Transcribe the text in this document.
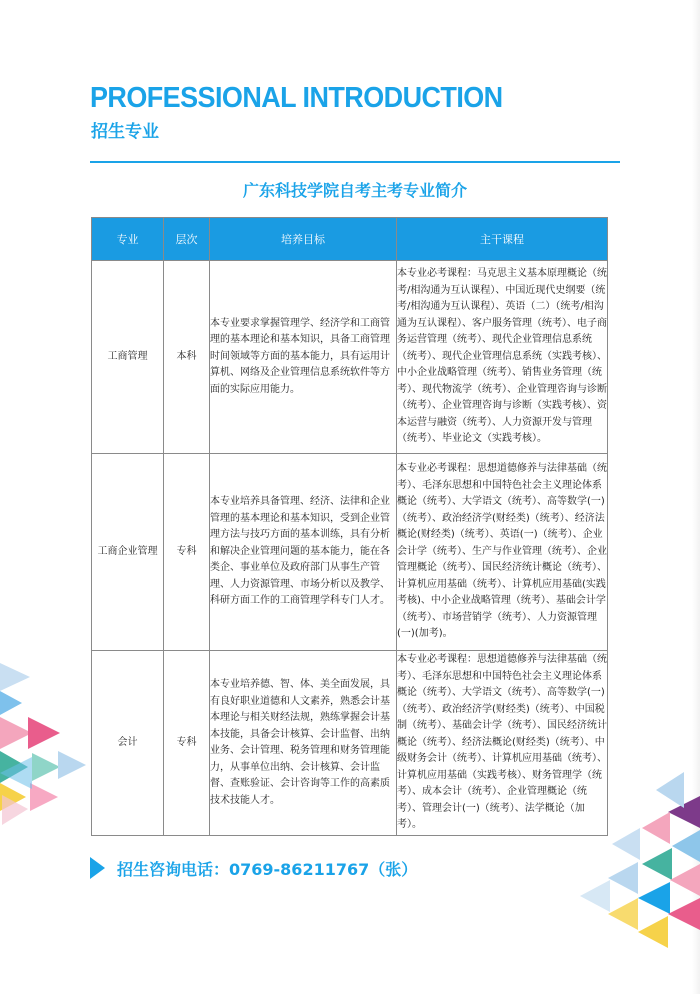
PROFESSIONAL INTRODUCTION
招生专业
广东科技学院自考主考专业简介
专业	层次	培养目标	主干课程
工商管理	本科	本专业要求掌握管理学、经济学和工商管理的基本理论和基本知识，具备工商管理时间领域等方面的基本能力，具有运用计算机、网络及企业管理信息系统软件等方面的实际应用能力。	本专业必考课程：马克思主义基本原理概论（统考/相沟通为互认课程）、中国近现代史纲要（统考/相沟通为互认课程）、英语（二）（统考/相沟通为互认课程）、客户服务管理（统考）、电子商务运营管理（统考）、现代企业管理信息系统（统考）、现代企业管理信息系统（实践考核）、中小企业战略管理（统考）、销售业务管理（统考）、现代物流学（统考）、企业管理咨询与诊断（统考）、企业管理咨询与诊断（实践考核）、资本运营与融资（统考）、人力资源开发与管理（统考）、毕业论文（实践考核）。
工商企业管理	专科	本专业培养具备管理、经济、法律和企业管理的基本理论和基本知识，受到企业管理方法与技巧方面的基本训练，具有分析和解决企业管理问题的基本能力，能在各类企、事业单位及政府部门从事生产管理、人力资源管理、市场分析以及教学、科研方面工作的工商管理学科专门人才。	本专业必考课程：思想道德修养与法律基础（统考）、毛泽东思想和中国特色社会主义理论体系概论（统考）、大学语文（统考）、高等数学(一)（统考）、政治经济学(财经类)（统考）、经济法概论(财经类)（统考）、英语(一)（统考）、企业会计学（统考）、生产与作业管理（统考）、企业管理概论（统考）、国民经济统计概论（统考）、计算机应用基础（统考）、计算机应用基础(实践考核)、中小企业战略管理（统考）、基础会计学（统考）、市场营销学（统考）、人力资源管理(一)(加考)。
会计	专科	本专业培养德、智、体、美全面发展，具有良好职业道德和人文素养，熟悉会计基本理论与相关财经法规，熟练掌握会计基本技能，具备会计核算、会计监督、出纳业务、会计管理、税务管理和财务管理能力，从事单位出纳、会计核算、会计监督、查账验证、会计咨询等工作的高素质技术技能人才。	本专业必考课程：思想道德修养与法律基础（统考）、毛泽东思想和中国特色社会主义理论体系概论（统考）、大学语文（统考）、高等数学(一)（统考）、政治经济学(财经类)（统考）、中国税制（统考）、基础会计学（统考）、国民经济统计概论（统考）、经济法概论(财经类)（统考）、中级财务会计（统考）、计算机应用基础（统考）、计算机应用基础（实践考核）、财务管理学（统考）、成本会计（统考）、企业管理概论（统考）、管理会计(一)（统考）、法学概论（加考）。
招生咨询电话：0769-86211767（张）
